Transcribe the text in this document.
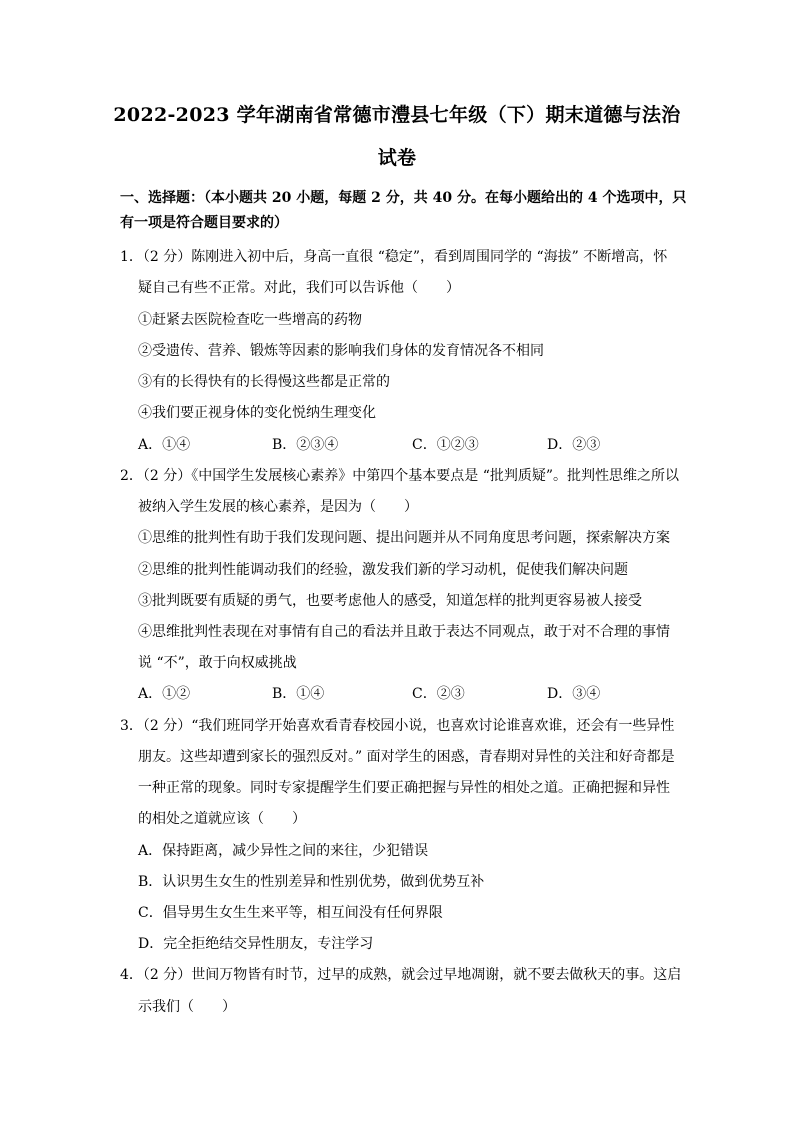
2022-2023 学年湖南省常德市澧县七年级（下）期末道德与法治
试卷
一、选择题：（本小题共 20 小题，每题 2 分，共 40 分。在每小题给出的 4 个选项中，只
有一项是符合题目要求的）
1．（2 分）陈刚进入初中后，身高一直很 “稳定”，看到周围同学的 “海拔” 不断增高，怀
疑自己有些不正常。对此，我们可以告诉他（　　）
①赶紧去医院检查吃一些增高的药物
②受遗传、营养、锻炼等因素的影响我们身体的发育情况各不相同
③有的长得快有的长得慢这些都是正常的
④我们要正视身体的变化悦纳生理变化
A．①④	B．②③④	C．①②③	D．②③
2．（2 分）《中国学生发展核心素养》中第四个基本要点是 “批判质疑”。批判性思维之所以
被纳入学生发展的核心素养，是因为（　　）
①思维的批判性有助于我们发现问题、提出问题并从不同角度思考问题，探索解决方案
②思维的批判性能调动我们的经验，激发我们新的学习动机，促使我们解决问题
③批判既要有质疑的勇气，也要考虑他人的感受，知道怎样的批判更容易被人接受
④思维批判性表现在对事情有自己的看法并且敢于表达不同观点，敢于对不合理的事情
说 “不”，敢于向权威挑战
A．①②	B．①④	C．②③	D．③④
3．（2 分）“我们班同学开始喜欢看青春校园小说，也喜欢讨论谁喜欢谁，还会有一些异性
朋友。这些却遭到家长的强烈反对。” 面对学生的困惑，青春期对异性的关注和好奇都是
一种正常的现象。同时专家提醒学生们要正确把握与异性的相处之道。正确把握和异性
的相处之道就应该（　　）
A．保持距离，减少异性之间的来往，少犯错误
B．认识男生女生的性别差异和性别优势，做到优势互补
C．倡导男生女生生来平等，相互间没有任何界限
D．完全拒绝结交异性朋友，专注学习
4．（2 分）世间万物皆有时节，过早的成熟，就会过早地凋谢，就不要去做秋天的事。这启
示我们（　　）
